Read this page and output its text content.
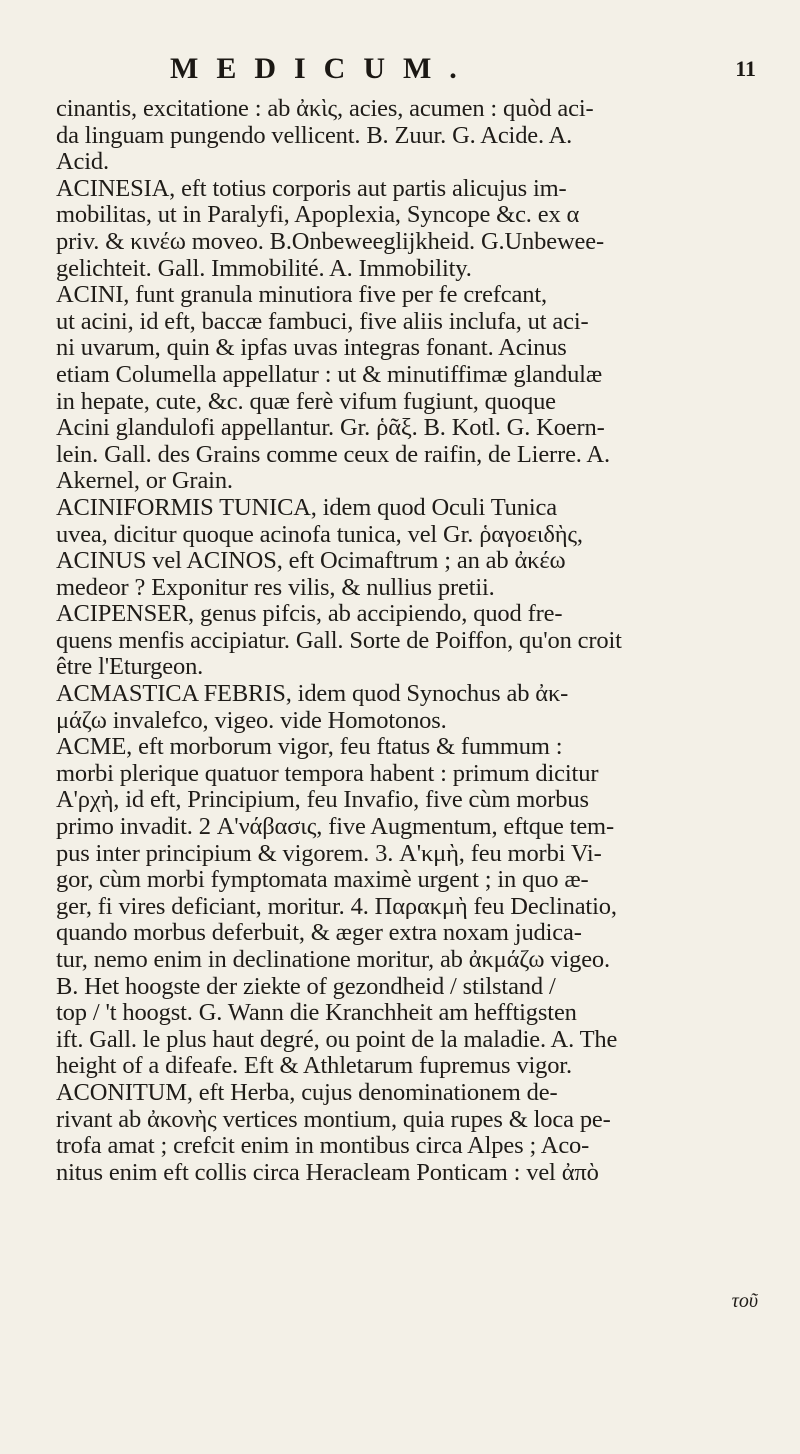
MEDICUM.	11
cinantis, excitatione : ab ἀκὶς, acies, acumen : quòd aci-
da linguam pungendo vellicent. B. Zuur. G. Acide. A.
Acid.
ACINESIA, eft totius corporis aut partis alicujus im-
mobilitas, ut in Paralyfi, Apoplexia, Syncope &c. ex α
priv. & κινέω moveo. B.Onbeweeglijkheid. G.Unbewee-
gelichteit. Gall. Immobilité. A. Immobility.
ACINI, funt granula minutiora five per fe crefcant,
ut acini, id eft, baccæ fambuci, five aliis inclufa, ut aci-
ni uvarum, quin & ipfas uvas integras fonant. Acinus
etiam Columella appellatur : ut & minutiffimæ glandulæ
in hepate, cute, &c. quæ ferè vifum fugiunt, quoque
Acini glandulofi appellantur. Gr. ῥᾶξ. B. Kotl. G. Koern-
lein. Gall. des Grains comme ceux de raifin, de Lierre. A.
Akernel, or Grain.
ACINIFORMIS TUNICA, idem quod Oculi Tunica
uvea, dicitur quoque acinofa tunica, vel Gr. ῥαγοειδὴς,
ACINUS vel ACINOS, eft Ocimaftrum ; an ab ἀκέω
medeor ? Exponitur res vilis, & nullius pretii.
ACIPENSER, genus pifcis, ab accipiendo, quod fre-
quens menfis accipiatur. Gall. Sorte de Poiffon, qu'on croit
être l'Eturgeon.
ACMASTICA FEBRIS, idem quod Synochus ab ἀκ-
μάζω invalefco, vigeo. vide Homotonos.
ACME, eft morborum vigor, feu ftatus & fummum :
morbi plerique quatuor tempora habent : primum dicitur
Α'ρχὴ, id eft, Principium, feu Invafio, five cùm morbus
primo invadit. 2 Α'νάβασις, five Augmentum, eftque tem-
pus inter principium & vigorem. 3. Α'κμὴ, feu morbi Vi-
gor, cùm morbi fymptomata maximè urgent ; in quo æ-
ger, fi vires deficiant, moritur. 4. Παρακμὴ feu Declinatio,
quando morbus deferbuit, & æger extra noxam judica-
tur, nemo enim in declinatione moritur, ab ἀκμάζω vigeo.
B. Het hoogste der ziekte of gezondheid / stilstand /
top / 't hoogst. G. Wann die Kranchheit am hefftigsten
ift. Gall. le plus haut degré, ou point de la maladie. A. The
height of a difeafe. Eft & Athletarum fupremus vigor.
ACONITUM, eft Herba, cujus denominationem de-
rivant ab ἀκονὴς vertices montium, quia rupes & loca pe-
trofa amat ; crefcit enim in montibus circa Alpes ; Aco-
nitus enim eft collis circa Heracleam Ponticam : vel ἀπὸ
τοῦ
